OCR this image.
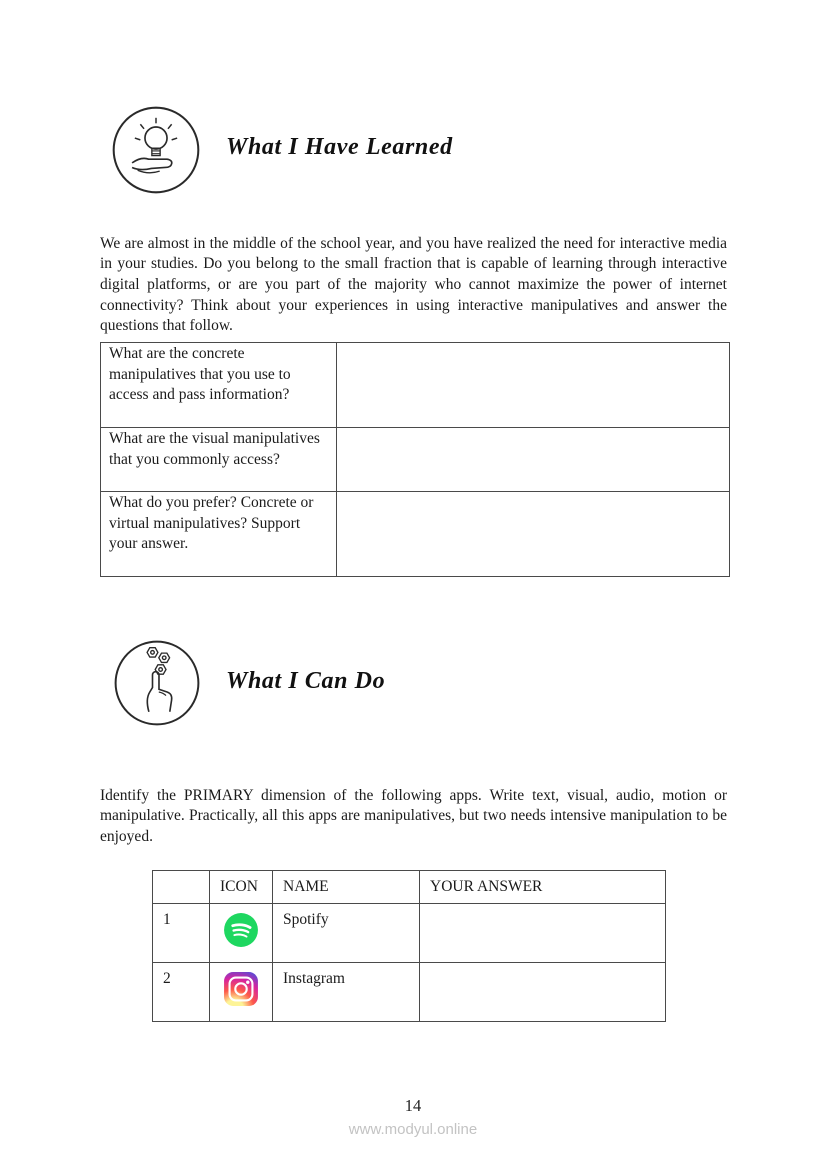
What I Have Learned

We are almost in the middle of the school year, and you have realized the need for interactive media in your studies. Do you belong to the small fraction that is capable of learning through interactive digital platforms, or are you part of the majority who cannot maximize the power of internet connectivity? Think about your experiences in using interactive manipulatives and answer the questions that follow.

What are the concrete manipulatives that you use to access and pass information?	
What are the visual manipulatives that you commonly access?	
What do you prefer? Concrete or virtual manipulatives? Support your answer.	
What I Can Do

Identify the PRIMARY dimension of the following apps. Write text, visual, audio, motion or manipulative. Practically, all this apps are manipulatives, but two needs intensive manipulation to be enjoyed.

	ICON	NAME	YOUR ANSWER
1		Spotify	
2		Instagram	
14
www.modyul.online
